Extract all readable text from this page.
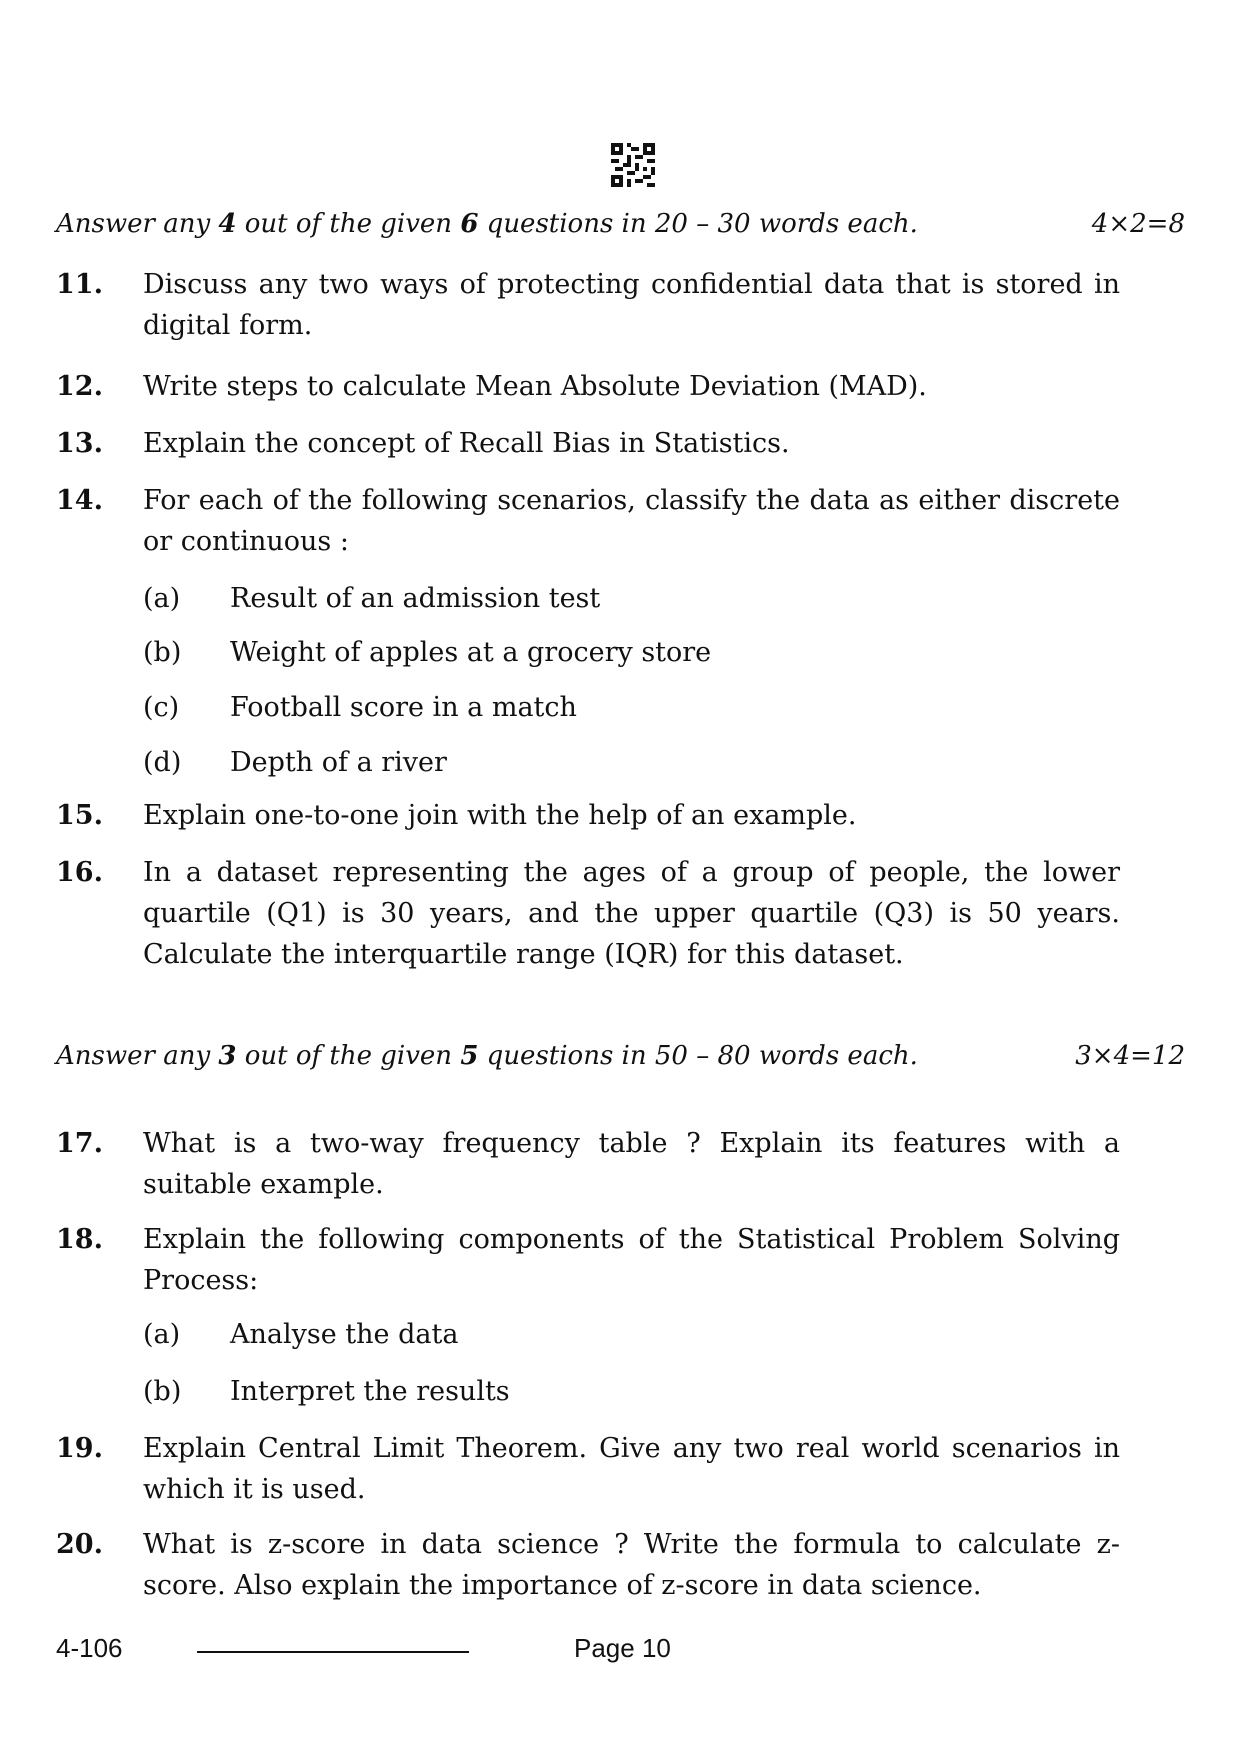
Answer any 4 out of the given 6 questions in 20 – 30 words each.	4×2=8
11. Discuss any two ways of protecting confidential data that is stored in digital form.
12. Write steps to calculate Mean Absolute Deviation (MAD).
13. Explain the concept of Recall Bias in Statistics.
14. For each of the following scenarios, classify the data as either discrete or continuous :
(a) Result of an admission test
(b) Weight of apples at a grocery store
(c) Football score in a match
(d) Depth of a river
15. Explain one-to-one join with the help of an example.
16. In a dataset representing the ages of a group of people, the lower quartile (Q1) is 30 years, and the upper quartile (Q3) is 50 years. Calculate the interquartile range (IQR) for this dataset.
Answer any 3 out of the given 5 questions in 50 – 80 words each.	3×4=12
17. What is a two-way frequency table ? Explain its features with a suitable example.
18. Explain the following components of the Statistical Problem Solving Process:
(a) Analyse the data
(b) Interpret the results
19. Explain Central Limit Theorem. Give any two real world scenarios in which it is used.
20. What is z-score in data science ? Write the formula to calculate z-score. Also explain the importance of z-score in data science.
4-106	Page 10
